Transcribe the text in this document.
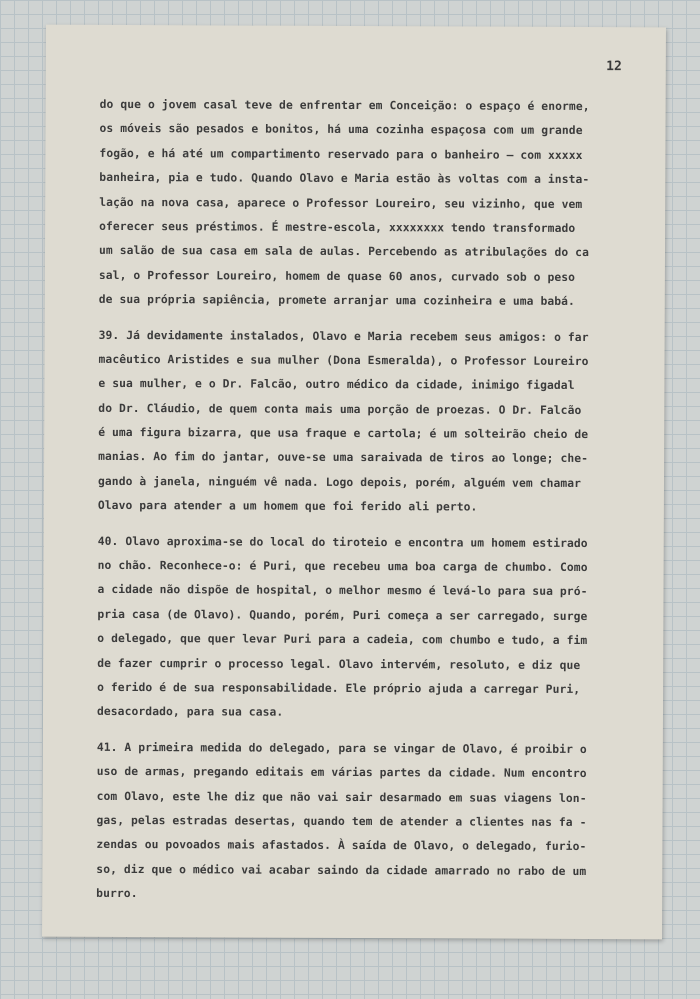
12
do que o jovem casal teve de enfrentar em Conceição: o espaço é enorme,
os móveis são pesados e bonitos, há uma cozinha espaçosa com um grande
fogão, e há até um compartimento reservado para o banheiro — com xxxxx
banheira, pia e tudo. Quando Olavo e Maria estão às voltas com a insta-
lação na nova casa, aparece o Professor Loureiro, seu vizinho, que vem
oferecer seus préstimos. É mestre-escola, xxxxxxxx tendo transformado
um salão de sua casa em sala de aulas. Percebendo as atribulações do ca
sal, o Professor Loureiro, homem de quase 60 anos, curvado sob o peso
de sua própria sapiência, promete arranjar uma cozinheira e uma babá.
39. Já devidamente instalados, Olavo e Maria recebem seus amigos: o far
macêutico Aristides e sua mulher (Dona Esmeralda), o Professor Loureiro
e sua mulher, e o Dr. Falcão, outro médico da cidade, inimigo figadal
do Dr. Cláudio, de quem conta mais uma porção de proezas. O Dr. Falcão
é uma figura bizarra, que usa fraque e cartola; é um solteirão cheio de
manias. Ao fim do jantar, ouve-se uma saraivada de tiros ao longe; che-
gando à janela, ninguém vê nada. Logo depois, porém, alguém vem chamar
Olavo para atender a um homem que foi ferido ali perto.
40. Olavo aproxima-se do local do tiroteio e encontra um homem estirado
no chão. Reconhece-o: é Puri, que recebeu uma boa carga de chumbo. Como
a cidade não dispõe de hospital, o melhor mesmo é levá-lo para sua pró-
pria casa (de Olavo). Quando, porém, Puri começa a ser carregado, surge
o delegado, que quer levar Puri para a cadeia, com chumbo e tudo, a fim
de fazer cumprir o processo legal. Olavo intervém, resoluto, e diz que
o ferido é de sua responsabilidade. Ele próprio ajuda a carregar Puri,
desacordado, para sua casa.
41. A primeira medida do delegado, para se vingar de Olavo, é proibir o
uso de armas, pregando editais em várias partes da cidade. Num encontro
com Olavo, este lhe diz que não vai sair desarmado em suas viagens lon-
gas, pelas estradas desertas, quando tem de atender a clientes nas fa -
zendas ou povoados mais afastados. À saída de Olavo, o delegado, furio-
so, diz que o médico vai acabar saindo da cidade amarrado no rabo de um
burro.
